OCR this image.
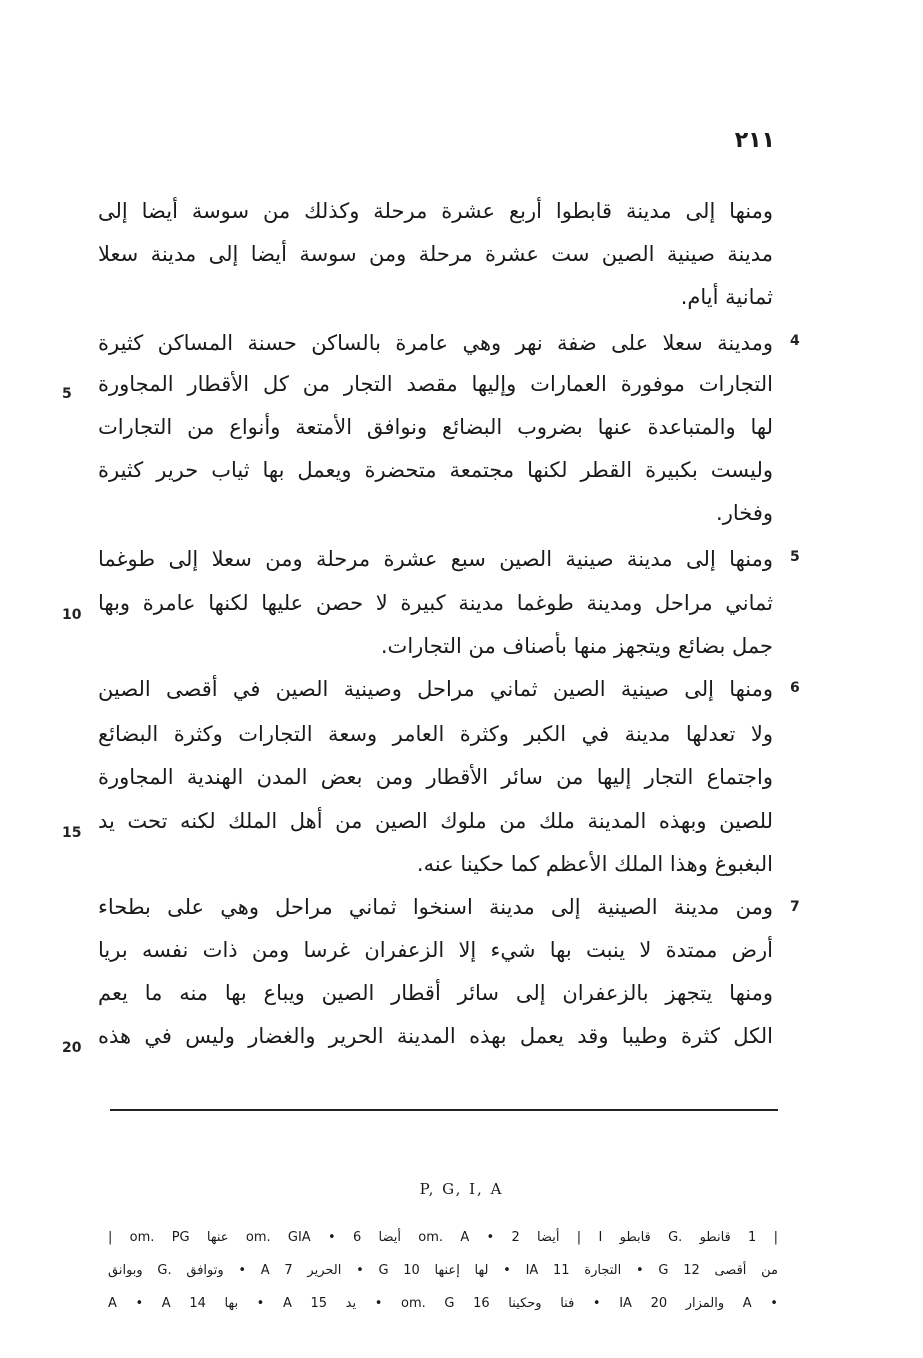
٢١١
ومنها إلى مدينة قابطوا أربع عشرة مرحلة وكذلك من سوسة أيضا إلى
مدينة صينية الصين ست عشرة مرحلة ومن سوسة أيضا إلى مدينة سعلا
ثمانية أيام.
ومدينة سعلا على ضفة نهر وهي عامرة بالساكن حسنة المساكن كثيرة
التجارات موفورة العمارات وإليها مقصد التجار من كل الأقطار المجاورة
لها والمتباعدة عنها بضروب البضائع ونوافق الأمتعة وأنواع من التجارات
وليست بكبيرة القطر لكنها مجتمعة متحضرة ويعمل بها ثياب حرير كثيرة
وفخار.
ومنها إلى مدينة صينية الصين سبع عشرة مرحلة ومن سعلا إلى طوغما
ثماني مراحل ومدينة طوغما مدينة كبيرة لا حصن عليها لكنها عامرة وبها
جمل بضائع ويتجهز منها بأصناف من التجارات.
ومنها إلى صينية الصين ثماني مراحل وصينية الصين في أقصى الصين
ولا تعدلها مدينة في الكبر وكثرة العامر وسعة التجارات وكثرة البضائع
واجتماع التجار إليها من سائر الأقطار ومن بعض المدن الهندية المجاورة
للصين وبهذه المدينة ملك من ملوك الصين من أهل الملك لكنه تحت يد
البغبوغ وهذا الملك الأعظم كما حكينا عنه.
ومن مدينة الصينية إلى مدينة اسنخوا ثماني مراحل وهي على بطحاء
أرض ممتدة لا ينبت بها شيء إلا الزعفران غرسا ومن ذات نفسه بريا
ومنها يتجهز بالزعفران إلى سائر أقطار الصين ويباع بها منه ما يعم
الكل كثرة وطيبا وقد يعمل بهذه المدينة الحرير والغضار وليس في هذه
4
5
6
7
5
10
15
20
P, G, I, A
| 1 قانطو .G قابطو I | أيضا om. A • 2 أيضا om. GIA • 6 عنها om. PG |
من أقصى 12 G • التجارة 11 IA • لها إعنها 10 G • الحرير 7 A • وتوافق .G وبوانق
• A والمزار 20 IA • فنا وحكينا 16 om. G • يد 15 A • بها 14 A • A
